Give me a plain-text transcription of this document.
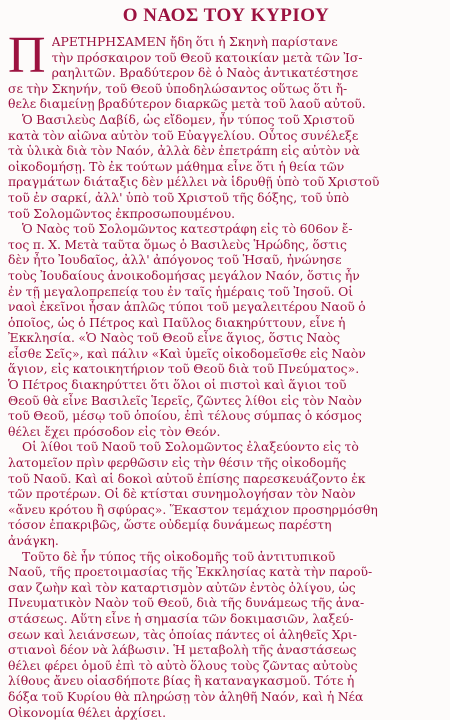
Ο ΝΑΟΣ ΤΟΥ ΚΥΡΙΟΥ

Π ΑΡΕΤΗΡΗΣΑΜΕΝ ἤδη ὅτι ἡ Σκηνὴ παρίστανε
τὴν πρόσκαιρον τοῦ Θεοῦ κατοικίαν μετὰ τῶν Ἰσ-
ραηλιτῶν. Βραδύτερον δὲ ὁ Ναὸς ἀντικατέστησε
σε τὴν Σκηνήν, τοῦ Θεοῦ ὑποδηλώσαντος οὕτως ὅτι ἤ-
θελε διαμείνῃ βραδύτερον διαρκῶς μετὰ τοῦ λαοῦ αὐτοῦ.

Ὁ Βασιλεὺς Δαβίδ, ὡς εἴδομεν, ἦν τύπος τοῦ Χριστοῦ
κατὰ τὸν αἰῶνα αὐτὸν τοῦ Εὐαγγελίου. Οὗτος συνέλεξε
τὰ ὑλικὰ διὰ τὸν Ναόν, ἀλλὰ δὲν ἐπετράπη εἰς αὐτὸν νὰ
οἰκοδομήσῃ. Τὸ ἐκ τούτων μάθημα εἶνε ὅτι ἡ θεία τῶν
πραγμάτων διάταξις δὲν μέλλει νὰ ἱδρυθῇ ὑπὸ τοῦ Χριστοῦ
τοῦ ἐν σαρκί, ἀλλ' ὑπὸ τοῦ Χριστοῦ τῆς δόξης, τοῦ ὑπὸ
τοῦ Σολομῶντος ἐκπροσωπουμένου.

Ὁ Ναὸς τοῦ Σολομῶντος κατεστράφη εἰς τὸ 606ον ἔ-
τος π. Χ. Μετὰ ταῦτα ὅμως ὁ Βασιλεὺς Ἡρώδης, ὅστις
δὲν ἦτο Ἰουδαῖος, ἀλλ' ἀπόγονος τοῦ Ἡσαῦ, ἠνώνησε
τοὺς Ἰουδαίους ἀνοικοδομήσας μεγάλον Ναόν, ὅστις ἦν
ἐν τῇ μεγαλοπρεπείᾳ του ἐν ταῖς ἡμέραις τοῦ Ἰησοῦ. Οἱ
ναοὶ ἐκεῖνοι ἦσαν ἁπλῶς τύποι τοῦ μεγαλειτέρου Ναοῦ ὁ
ὁποῖος, ὡς ὁ Πέτρος καὶ Παῦλος διακηρύττουν, εἶνε ἡ
Ἐκκλησία. «Ὁ Ναὸς τοῦ Θεοῦ εἶνε ἅγιος, ὅστις Ναὸς
εἶσθε Σεῖς», καὶ πάλιν «Καὶ ὑμεῖς οἰκοδομεῖσθε εἰς Ναὸν
ἅγιον, εἰς κατοικητήριον τοῦ Θεοῦ διὰ τοῦ Πνεύματος».
Ὁ Πέτρος διακηρύττει ὅτι ὅλοι οἱ πιστοὶ καὶ ἅγιοι τοῦ
Θεοῦ θὰ εἶνε Βασιλεῖς Ἱερεῖς, ζῶντες λίθοι εἰς τὸν Ναὸν
τοῦ Θεοῦ, μέσῳ τοῦ ὁποίου, ἐπὶ τέλους σύμπας ὁ κόσμος
θέλει ἔχει πρόσοδον εἰς τὸν Θεόν.

Οἱ λίθοι τοῦ Ναοῦ τοῦ Σολομῶντος ἐλαξεύοντο εἰς τὸ
λατομεῖον πρὶν φερθῶσιν εἰς τὴν θέσιν τῆς οἰκοδομῆς
τοῦ Ναοῦ. Καὶ αἱ δοκοὶ αὐτοῦ ἐπίσης παρεσκευάζοντο ἐκ
τῶν προτέρων. Οἱ δὲ κτίσται συνημολογήσαν τὸν Ναὸν
«ἄνευ κρότου ἢ σφύρας». Ἕκαστον τεμάχιον προσηρμόσθη
τόσον ἐπακριβῶς, ὥστε οὐδεμίᾳ δυνάμεως παρέστη
ἀνάγκη.

Τοῦτο δὲ ἦν τύπος τῆς οἰκοδομῆς τοῦ ἀντιτυπικοῦ
Ναοῦ, τῆς προετοιμασίας τῆς Ἐκκλησίας κατὰ τὴν παροῦ-
σαν ζωὴν καὶ τὸν καταρτισμὸν αὐτῶν ἐντὸς ὀλίγου, ὡς
Πνευματικὸν Ναὸν τοῦ Θεοῦ, διὰ τῆς δυνάμεως τῆς ἀνα-
στάσεως. Αὕτη εἶνε ἡ σημασία τῶν δοκιμασιῶν, λαξεύ-
σεων καὶ λειάνσεων, τὰς ὁποίας πάντες οἱ ἀληθεῖς Χρι-
στιανοὶ δέον νὰ λάβωσιν. Ἡ μεταβολὴ τῆς ἀναστάσεως
θέλει φέρει ὁμοῦ ἐπὶ τὸ αὐτὸ ὅλους τοὺς ζῶντας αὐτοὺς
λίθους ἄνευ οἱασδήποτε βίας ἢ καταναγκασμοῦ. Τότε ἡ
δόξα τοῦ Κυρίου θὰ πληρώσῃ τὸν ἀληθῆ Ναόν, καὶ ἡ Νέα
Οἰκονομία θέλει ἀρχίσει.
